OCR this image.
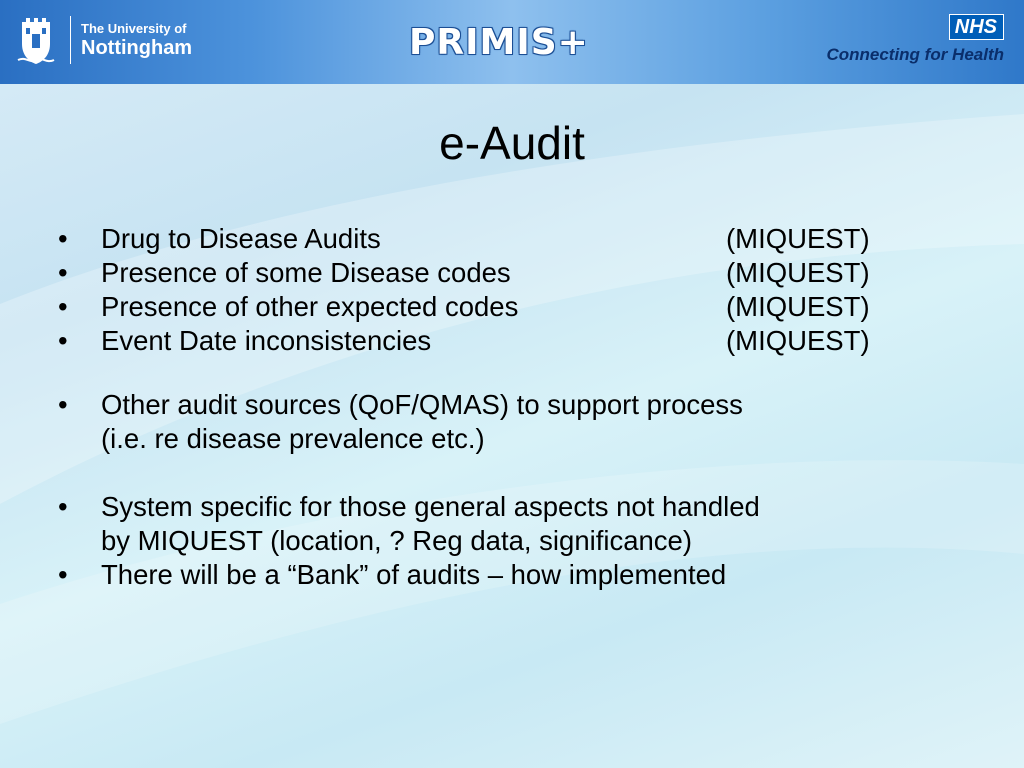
The University of
Nottingham	PRIMIS+	NHS
Connecting for Health
e-Audit
• Drug to Disease Audits	(MIQUEST)
• Presence of some Disease codes	(MIQUEST)
• Presence of other expected codes	(MIQUEST)
• Event Date inconsistencies	(MIQUEST)
• Other audit sources (QoF/QMAS) to support process
(i.e. re disease prevalence etc.)
• System specific for those general aspects not handled
by MIQUEST (location, ? Reg data, significance)
• There will be a “Bank” of audits – how implemented
